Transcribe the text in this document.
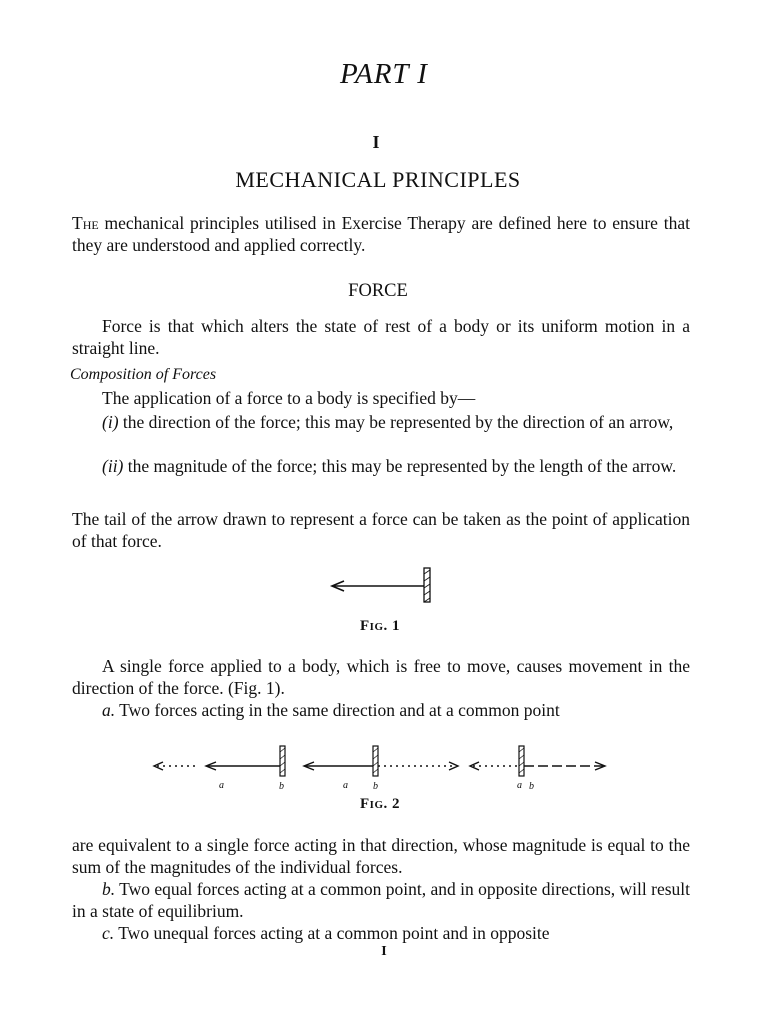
PART I

I

MECHANICAL PRINCIPLES

The mechanical principles utilised in Exercise Therapy are defined here to ensure that they are understood and applied correctly.

FORCE

Force is that which alters the state of rest of a body or its uniform motion in a straight line.

Composition of Forces

The application of a force to a body is specified by—

(i) the direction of the force; this may be represented by the direction of an arrow,

(ii) the magnitude of the force; this may be represented by the length of the arrow.

The tail of the arrow drawn to represent a force can be taken as the point of application of that force.

Fig. 1

A single force applied to a body, which is free to move, causes movement in the direction of the force. (Fig. 1).

a. Two forces acting in the same direction and at a common point

a	b	a	b	a b

Fig. 2

are equivalent to a single force acting in that direction, whose magnitude is equal to the sum of the magnitudes of the individual forces.

b. Two equal forces acting at a common point, and in opposite directions, will result in a state of equilibrium.

c. Two unequal forces acting at a common point and in opposite

I
